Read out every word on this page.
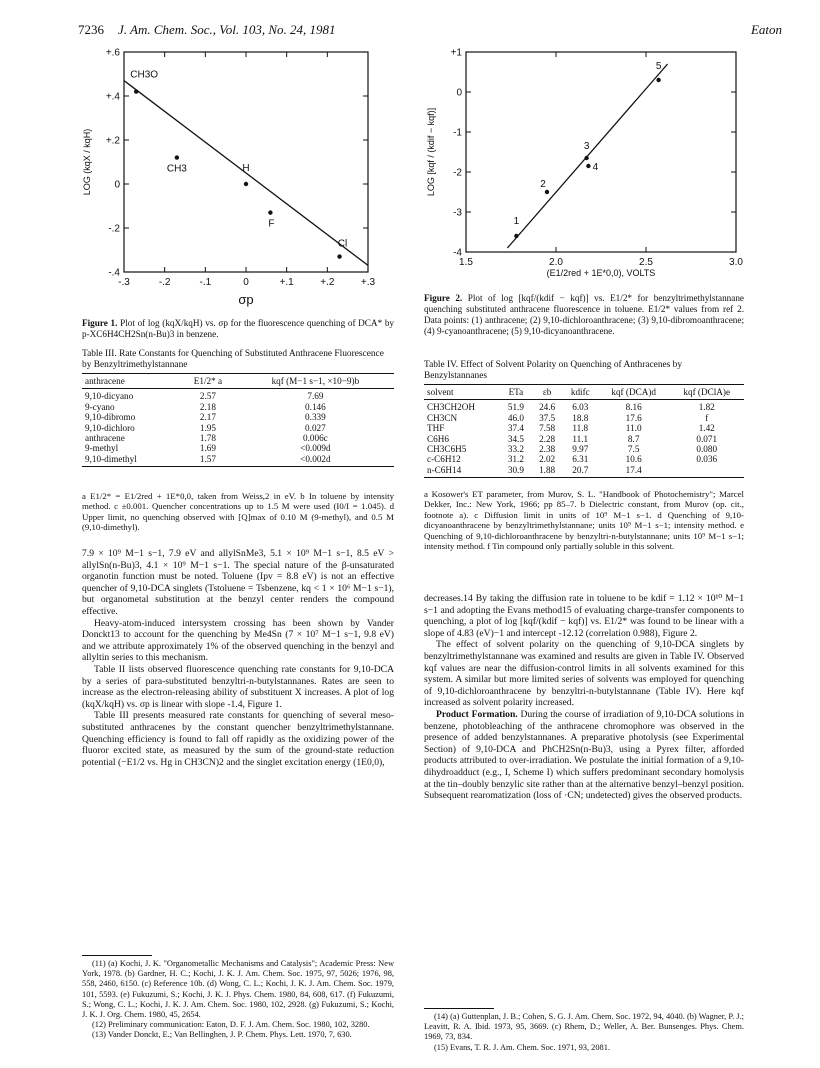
7236 J. Am. Chem. Soc., Vol. 103, No. 24, 1981	Eaton
-.3	-.2	-.1	0	+.1	+.2	+.3
-.4
-.2
0
+.2
+.4
+.6
CH3O
CH3	H
F
Cl
σp
LOG (kqX / kqH)
Figure 1. Plot of log (kqX/kqH) vs. σp for the fluorescence quenching of DCA* by p-XC6H4CH2Sn(n-Bu)3 in benzene.
Table III. Rate Constants for Quenching of Substituted Anthracene Fluorescence by Benzyltrimethylstannane
anthracene	E1/2* a	kqf (M−1 s−1, ×10−9)b
9,10-dicyano	2.57	7.69
9-cyano	2.18	0.146
9,10-dibromo	2.17	0.339
9,10-dichloro	1.95	0.027
anthracene	1.78	0.006c
9-methyl	1.69	<0.009d
9,10-dimethyl	1.57	<0.002d
a E1/2* = E1/2red + 1E*0,0, taken from Weiss,2 in eV. b In toluene by intensity method. c ±0.001. Quencher concentrations up to 1.5 M were used (I0/I = 1.045). d Upper limit, no quenching observed with [Q]max of 0.10 M (9-methyl), and 0.5 M (9,10-dimethyl).

7.9 × 10⁹ M−1 s−1, 7.9 eV and allylSnMe3, 5.1 × 10⁹ M−1 s−1, 8.5 eV > allylSn(n-Bu)3, 4.1 × 10⁹ M−1 s−1. The special nature of the β-unsaturated organotin function must be noted. Toluene (Ipv = 8.8 eV) is not an effective quencher of 9,10-DCA singlets (Tstoluene = Tsbenzene, kq < 1 × 10⁶ M−1 s−1), but organometal substitution at the benzyl center renders the compound effective.

Heavy-atom-induced intersystem crossing has been shown by Vander Donckt13 to account for the quenching by Me4Sn (7 × 10⁷ M−1 s−1, 9.8 eV) and we attribute approximately 1% of the observed quenching in the benzyl and allyltin series to this mechanism.

Table II lists observed fluorescence quenching rate constants for 9,10-DCA by a series of para-substituted benzyltri-n-butylstannanes. Rates are seen to increase as the electron-releasing ability of substituent X increases. A plot of log (kqX/kqH) vs. σp is linear with slope -1.4, Figure 1.

Table III presents measured rate constants for quenching of several meso-substituted anthracenes by the constant quencher benzyltrimethylstannane. Quenching efficiency is found to fall off rapidly as the oxidizing power of the fluoror excited state, as measured by the sum of the ground-state reduction potential (−E1/2 vs. Hg in CH3CN)2 and the singlet excitation energy (1E0,0),

(11) (a) Kochi, J. K. "Organometallic Mechanisms and Catalysis"; Academic Press: New York, 1978. (b) Gardner, H. C.; Kochi, J. K. J. Am. Chem. Soc. 1975, 97, 5026; 1976, 98, 558, 2460, 6150. (c) Reference 10b. (d) Wong, C. L.; Kochi, J. K. J. Am. Chem. Soc. 1979, 101, 5593. (e) Fukuzumi, S.; Kochi, J. K. J. Phys. Chem. 1980, 84, 608, 617. (f) Fukuzumi, S.; Wong, C. L.; Kochi, J. K. J. Am. Chem. Soc. 1980, 102, 2928. (g) Fukuzumi, S.; Kochi, J. K. J. Org. Chem. 1980, 45, 2654.

(12) Preliminary communication: Eaton, D. F. J. Am. Chem. Soc. 1980, 102, 3280.

(13) Vander Donckt, E.; Van Bellinghen, J. P. Chem. Phys. Lett. 1970, 7, 630.

1.5	2.0	2.5	3.0
-4
-3
-2
-1
0
+1
1
2
3
4
5
(E1/2red + 1E*0,0), VOLTS
LOG [kqf / (kdif − kqf)]
Figure 2. Plot of log [kqf/(kdif − kqf)] vs. E1/2* for benzyltrimethylstannane quenching substituted anthracene fluorescence in toluene. E1/2* values from ref 2. Data points: (1) anthracene; (2) 9,10-dichloroanthracene; (3) 9,10-dibromoanthracene; (4) 9-cyanoanthracene; (5) 9,10-dicyanoanthracene.
Table IV. Effect of Solvent Polarity on Quenching of Anthracenes by Benzylstannanes
solvent	ETa	εb	kdifc	kqf (DCA)d	kqf (DClA)e
CH3CH2OH	51.9	24.6	6.03	8.16	1.82
CH3CN	46.0	37.5	18.8	17.6	f
THF	37.4	7.58	11.8	11.0	1.42
C6H6	34.5	2.28	11.1	8.7	0.071
CH3C6H5	33.2	2.38	9.97	7.5	0.080
c-C6H12	31.2	2.02	6.31	10.6	0.036
n-C6H14	30.9	1.88	20.7	17.4	
a Kosower's ET parameter, from Murov, S. L. "Handbook of Photochemistry"; Marcel Dekker, Inc.: New York, 1966; pp 85–7. b Dielectric constant, from Murov (op. cit., footnote a). c Diffusion limit in units of 10⁹ M−1 s−1. d Quenching of 9,10-dicyanoanthracene by benzyltrimethylstannane; units 10⁹ M−1 s−1; intensity method. e Quenching of 9,10-dichloroanthracene by benzyltri-n-butylstannane; units 10⁹ M−1 s−1; intensity method. f Tin compound only partially soluble in this solvent.

decreases.14 By taking the diffusion rate in toluene to be kdif = 1.12 × 10¹⁰ M−1 s−1 and adopting the Evans method15 of evaluating charge-transfer components to quenching, a plot of log [kqf/(kdif − kqf)] vs. E1/2* was found to be linear with a slope of 4.83 (eV)−1 and intercept -12.12 (correlation 0.988), Figure 2.

The effect of solvent polarity on the quenching of 9,10-DCA singlets by benzyltrimethylstannane was examined and results are given in Table IV. Observed kqf values are near the diffusion-control limits in all solvents examined for this system. A similar but more limited series of solvents was employed for quenching of 9,10-dichloroanthracene by benzyltri-n-butylstannane (Table IV). Here kqf increased as solvent polarity increased.

Product Formation. During the course of irradiation of 9,10-DCA solutions in benzene, photobleaching of the anthracene chromophore was observed in the presence of added benzylstannanes. A preparative photolysis (see Experimental Section) of 9,10-DCA and PhCH2Sn(n-Bu)3, using a Pyrex filter, afforded products attributed to over-irradiation. We postulate the initial formation of a 9,10-dihydroadduct (e.g., I, Scheme I) which suffers predominant secondary homolysis at the tin–doubly benzylic site rather than at the alternative benzyl–benzyl position. Subsequent rearomatization (loss of ·CN; undetected) gives the observed products.

(14) (a) Guttenplan, J. B.; Cohen, S. G. J. Am. Chem. Soc. 1972, 94, 4040. (b) Wagner, P. J.; Leavitt, R. A. Ibid. 1973, 95, 3669. (c) Rhem, D.; Weller, A. Ber. Bunsenges. Phys. Chem. 1969, 73, 834.

(15) Evans, T. R. J. Am. Chem. Soc. 1971, 93, 2081.
